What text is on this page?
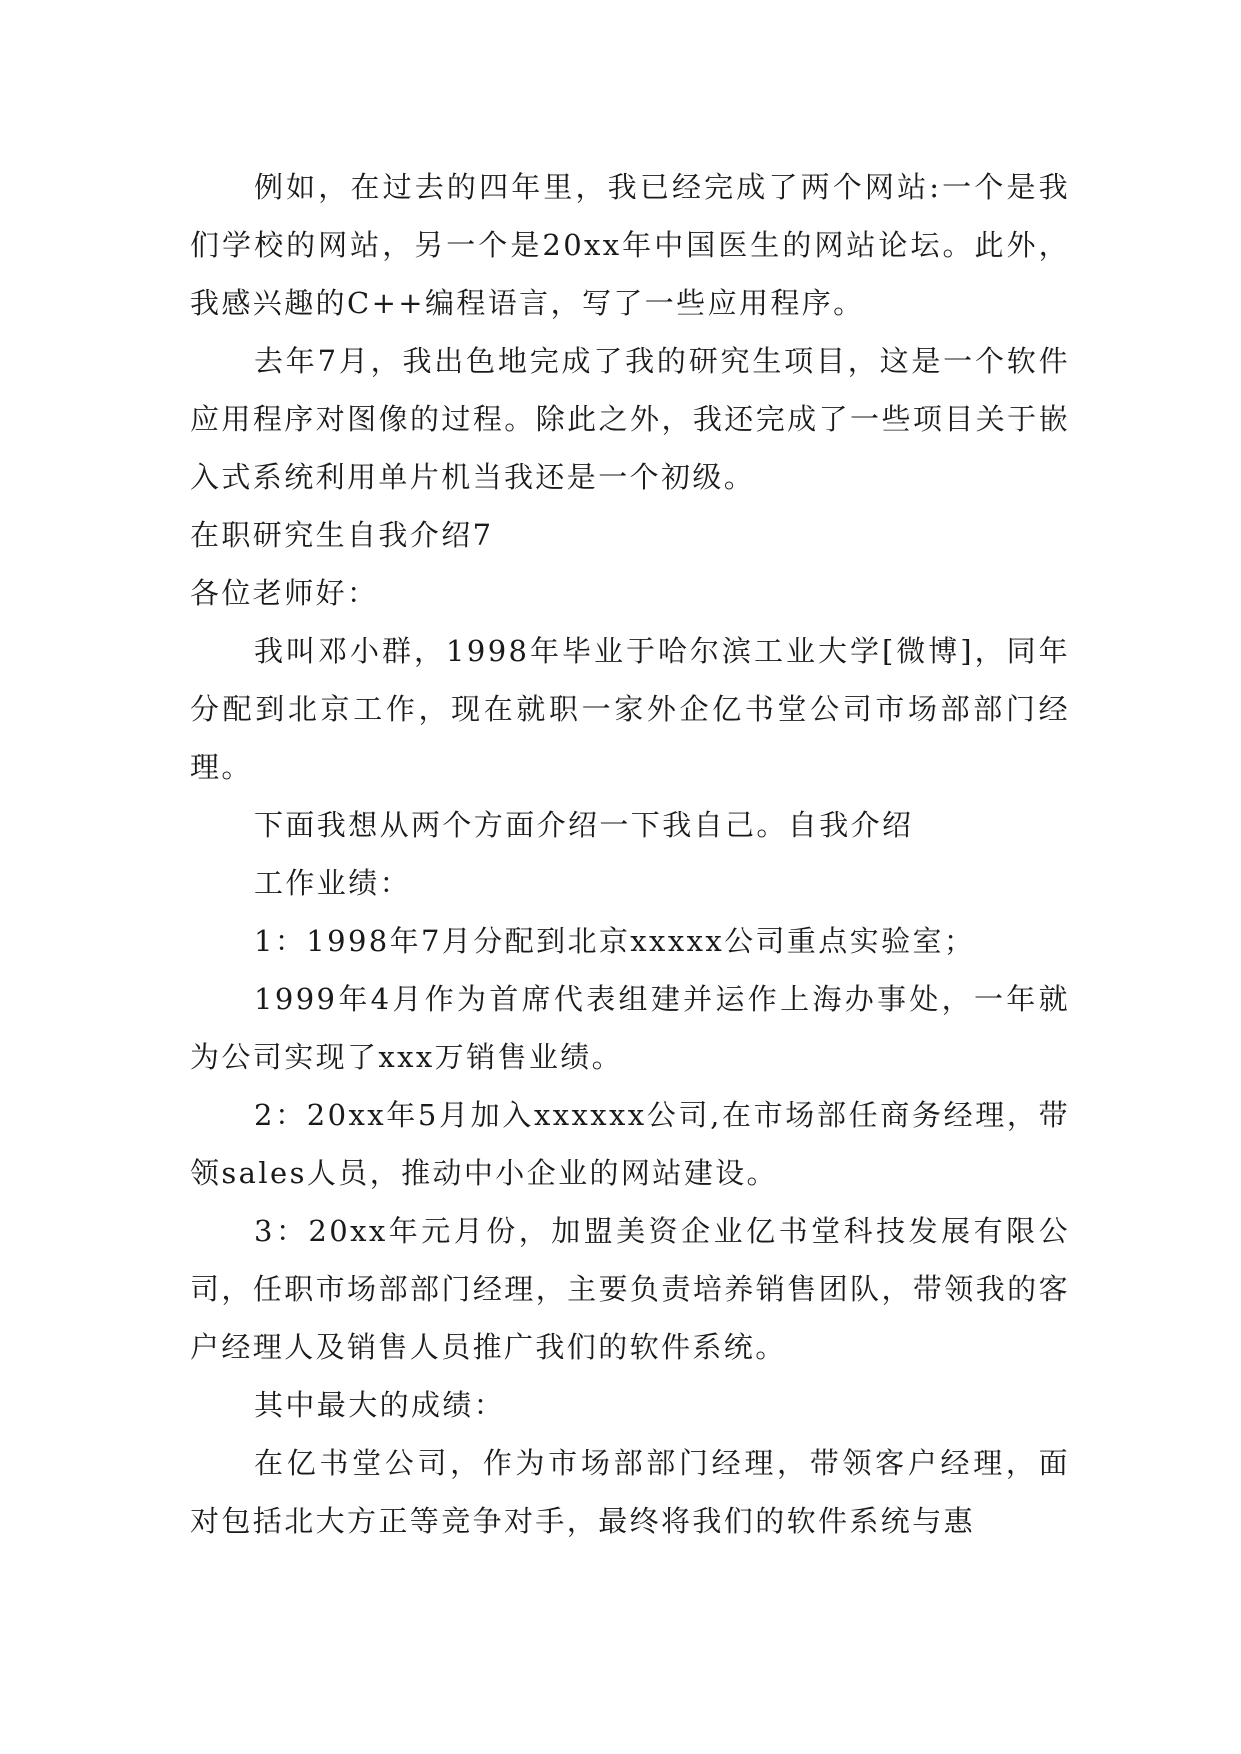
例如，在过去的四年里，我已经完成了两个网站:一个是我们学校的网站，另一个是20xx年中国医生的网站论坛。此外，我感兴趣的C++编程语言，写了一些应用程序。

去年7月，我出色地完成了我的研究生项目，这是一个软件应用程序对图像的过程。除此之外，我还完成了一些项目关于嵌入式系统利用单片机当我还是一个初级。

在职研究生自我介绍7

各位老师好：

我叫邓小群，1998年毕业于哈尔滨工业大学[微博]，同年分配到北京工作，现在就职一家外企亿书堂公司市场部部门经理。

下面我想从两个方面介绍一下我自己。自我介绍

工作业绩：

1：1998年7月分配到北京xxxxx公司重点实验室；

1999年4月作为首席代表组建并运作上海办事处，一年就为公司实现了xxx万销售业绩。

2：20xx年5月加入xxxxxx公司,在市场部任商务经理，带领sales人员，推动中小企业的网站建设。

3：20xx年元月份，加盟美资企业亿书堂科技发展有限公司，任职市场部部门经理，主要负责培养销售团队，带领我的客户经理人及销售人员推广我们的软件系统。

其中最大的成绩：

在亿书堂公司，作为市场部部门经理，带领客户经理，面对包括北大方正等竞争对手，最终将我们的软件系统与惠
